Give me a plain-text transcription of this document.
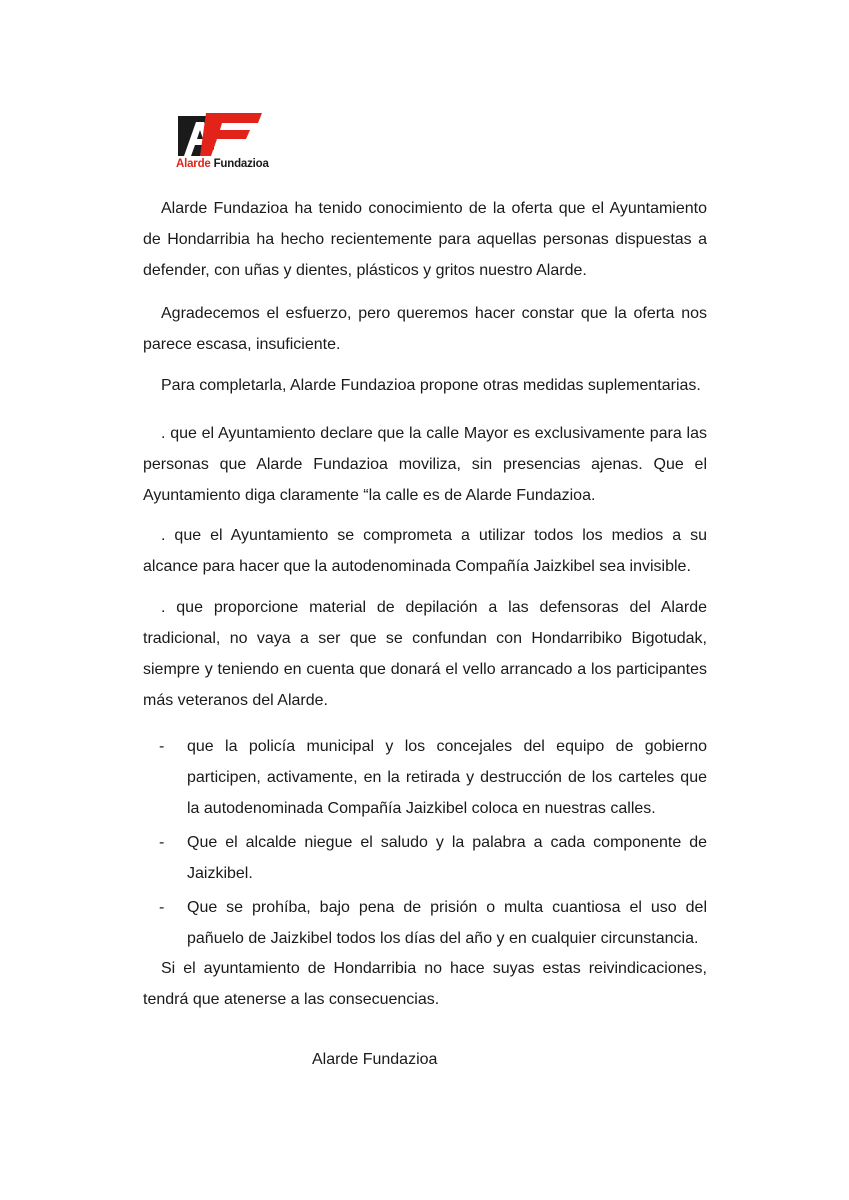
Alarde Fundazioa

Alarde Fundazioa ha tenido conocimiento de la oferta que el Ayuntamiento de Hondarribia ha hecho recientemente para aquellas personas dispuestas a defender, con uñas y dientes, plásticos y gritos nuestro Alarde.

Agradecemos el esfuerzo, pero queremos hacer constar que la oferta nos parece escasa, insuficiente.

Para completarla, Alarde Fundazioa propone otras medidas suplementarias.

. que el Ayuntamiento declare que la calle Mayor es exclusivamente para las personas que Alarde Fundazioa moviliza, sin presencias ajenas. Que el Ayuntamiento diga claramente “la calle es de Alarde Fundazioa.

. que el Ayuntamiento se comprometa a utilizar todos los medios a su alcance para hacer que la autodenominada Compañía Jaizkibel sea invisible.

. que proporcione material de depilación a las defensoras del Alarde tradicional, no vaya a ser que se confundan con Hondarribiko Bigotudak, siempre y teniendo en cuenta que donará el vello arrancado a los participantes más veteranos del Alarde.

- que la policía municipal y los concejales del equipo de gobierno participen, activamente, en la retirada y destrucción de los carteles que la autodenominada Compañía Jaizkibel coloca en nuestras calles.
- Que el alcalde niegue el saludo y la palabra a cada componente de Jaizkibel.
- Que se prohíba, bajo pena de prisión o multa cuantiosa el uso del pañuelo de Jaizkibel todos los días del año y en cualquier circunstancia.

Si el ayuntamiento de Hondarribia no hace suyas estas reivindicaciones, tendrá que atenerse a las consecuencias.

Alarde Fundazioa
